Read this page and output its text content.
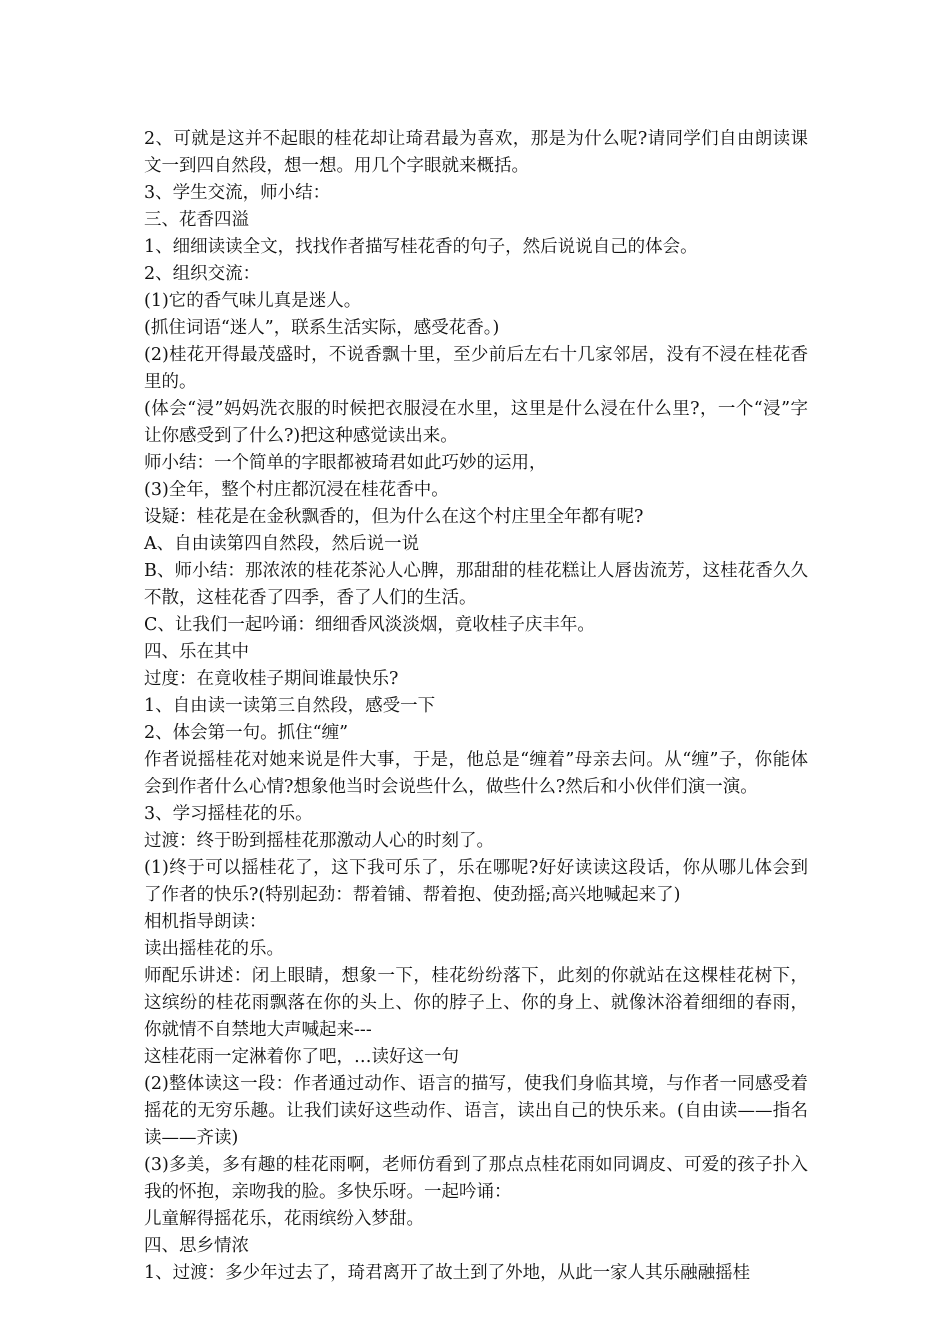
2、可就是这并不起眼的桂花却让琦君最为喜欢，那是为什么呢?请同学们自由朗读课文一到四自然段，想一想。用几个字眼就来概括。

3、学生交流，师小结：

三、花香四溢

1、细细读读全文，找找作者描写桂花香的句子，然后说说自己的体会。

2、组织交流：

(1)它的香气味儿真是迷人。

(抓住词语“迷人”，联系生活实际，感受花香。)

(2)桂花开得最茂盛时，不说香飘十里，至少前后左右十几家邻居，没有不浸在桂花香里的。

(体会“浸”妈妈洗衣服的时候把衣服浸在水里，这里是什么浸在什么里?，一个“浸”字让你感受到了什么?)把这种感觉读出来。

师小结：一个简单的字眼都被琦君如此巧妙的运用，

(3)全年，整个村庄都沉浸在桂花香中。

设疑：桂花是在金秋飘香的，但为什么在这个村庄里全年都有呢?

A、自由读第四自然段，然后说一说

B、师小结：那浓浓的桂花茶沁人心脾，那甜甜的桂花糕让人唇齿流芳，这桂花香久久不散，这桂花香了四季，香了人们的生活。

C、让我们一起吟诵：细细香风淡淡烟，竟收桂子庆丰年。

四、乐在其中

过度：在竟收桂子期间谁最快乐?

1、自由读一读第三自然段，感受一下

2、体会第一句。抓住“缠”

作者说摇桂花对她来说是件大事，于是，他总是“缠着”母亲去问。从“缠”子，你能体会到作者什么心情?想象他当时会说些什么，做些什么?然后和小伙伴们演一演。

3、学习摇桂花的乐。

过渡：终于盼到摇桂花那激动人心的时刻了。

(1)终于可以摇桂花了，这下我可乐了，乐在哪呢?好好读读这段话，你从哪儿体会到了作者的快乐?(特别起劲：帮着铺、帮着抱、使劲摇;高兴地喊起来了)

相机指导朗读：

读出摇桂花的乐。

师配乐讲述：闭上眼睛，想象一下，桂花纷纷落下，此刻的你就站在这棵桂花树下，这缤纷的桂花雨飘落在你的头上、你的脖子上、你的身上、就像沐浴着细细的春雨，你就情不自禁地大声喊起来---

这桂花雨一定淋着你了吧，…读好这一句

(2)整体读这一段：作者通过动作、语言的描写，使我们身临其境，与作者一同感受着摇花的无穷乐趣。让我们读好这些动作、语言，读出自己的快乐来。(自由读——指名读——齐读)

(3)多美，多有趣的桂花雨啊，老师仿看到了那点点桂花雨如同调皮、可爱的孩子扑入我的怀抱，亲吻我的脸。多快乐呀。一起吟诵：

儿童解得摇花乐，花雨缤纷入梦甜。

四、思乡情浓

1、过渡：多少年过去了，琦君离开了故土到了外地，从此一家人其乐融融摇桂
